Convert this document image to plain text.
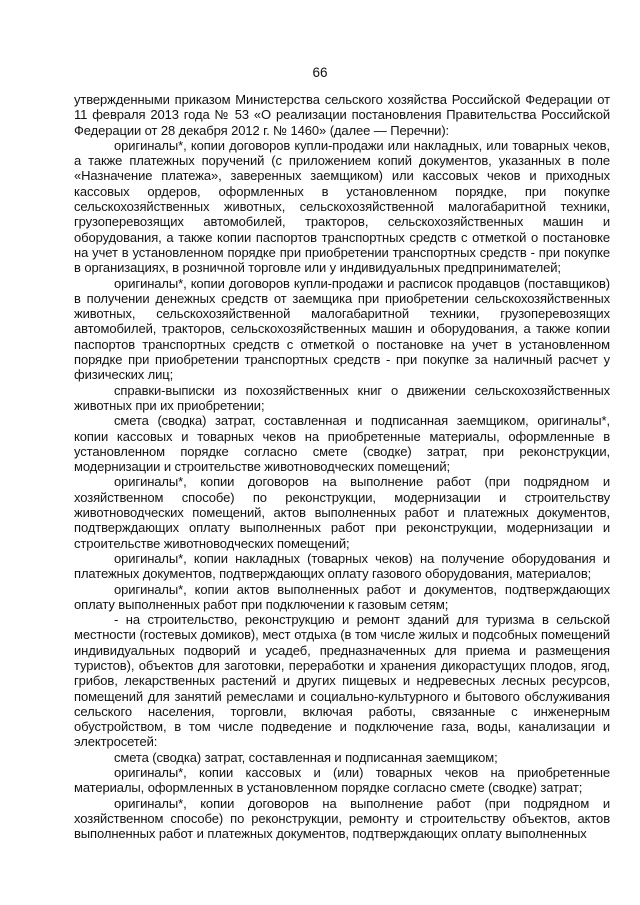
66

утвержденными приказом Министерства сельского хозяйства Российской Федерации от 11 февраля 2013 года № 53 «О реализации постановления Правительства Российской Федерации от 28 декабря 2012 г. № 1460» (далее — Перечни):

оригиналы*, копии договоров купли-продажи или накладных, или товарных чеков, а также платежных поручений (с приложением копий документов, указанных в поле «Назначение платежа», заверенных заемщиком) или кассовых чеков и приходных кассовых ордеров, оформленных в установленном порядке, при покупке сельскохозяйственных животных, сельскохозяйственной малогабаритной техники, грузоперевозящих автомобилей, тракторов, сельскохозяйственных машин и оборудования, а также копии паспортов транспортных средств с отметкой о постановке на учет в установленном порядке при приобретении транспортных средств - при покупке в организациях, в розничной торговле или у индивидуальных предпринимателей;

оригиналы*, копии договоров купли-продажи и расписок продавцов (поставщиков) в получении денежных средств от заемщика при приобретении сельскохозяйственных животных, сельскохозяйственной малогабаритной техники, грузоперевозящих автомобилей, тракторов, сельскохозяйственных машин и оборудования, а также копии паспортов транспортных средств с отметкой о постановке на учет в установленном порядке при приобретении транспортных средств - при покупке за наличный расчет у физических лиц;

справки-выписки из похозяйственных книг о движении сельскохозяйственных животных при их приобретении;

смета (сводка) затрат, составленная и подписанная заемщиком, оригиналы*, копии кассовых и товарных чеков на приобретенные материалы, оформленные в установленном порядке согласно смете (сводке) затрат, при реконструкции, модернизации и строительстве животноводческих помещений;

оригиналы*, копии договоров на выполнение работ (при подрядном и хозяйственном способе) по реконструкции, модернизации и строительству животноводческих помещений, актов выполненных работ и платежных документов, подтверждающих оплату выполненных работ при реконструкции, модернизации и строительстве животноводческих помещений;

оригиналы*, копии накладных (товарных чеков) на получение оборудования и платежных документов, подтверждающих оплату газового оборудования, материалов;

оригиналы*, копии актов выполненных работ и документов, подтверждающих оплату выполненных работ при подключении к газовым сетям;

- на строительство, реконструкцию и ремонт зданий для туризма в сельской местности (гостевых домиков), мест отдыха (в том числе жилых и подсобных помещений индивидуальных подворий и усадеб, предназначенных для приема и размещения туристов), объектов для заготовки, переработки и хранения дикорастущих плодов, ягод, грибов, лекарственных растений и других пищевых и недревесных лесных ресурсов, помещений для занятий ремеслами и социально-культурного и бытового обслуживания сельского населения, торговли, включая работы, связанные с инженерным обустройством, в том числе подведение и подключение газа, воды, канализации и электросетей:

смета (сводка) затрат, составленная и подписанная заемщиком;

оригиналы*, копии кассовых и (или) товарных чеков на приобретенные материалы, оформленных в установленном порядке согласно смете (сводке) затрат;

оригиналы*, копии договоров на выполнение работ (при подрядном и хозяйственном способе) по реконструкции, ремонту и строительству объектов, актов выполненных работ и платежных документов, подтверждающих оплату выполненных
